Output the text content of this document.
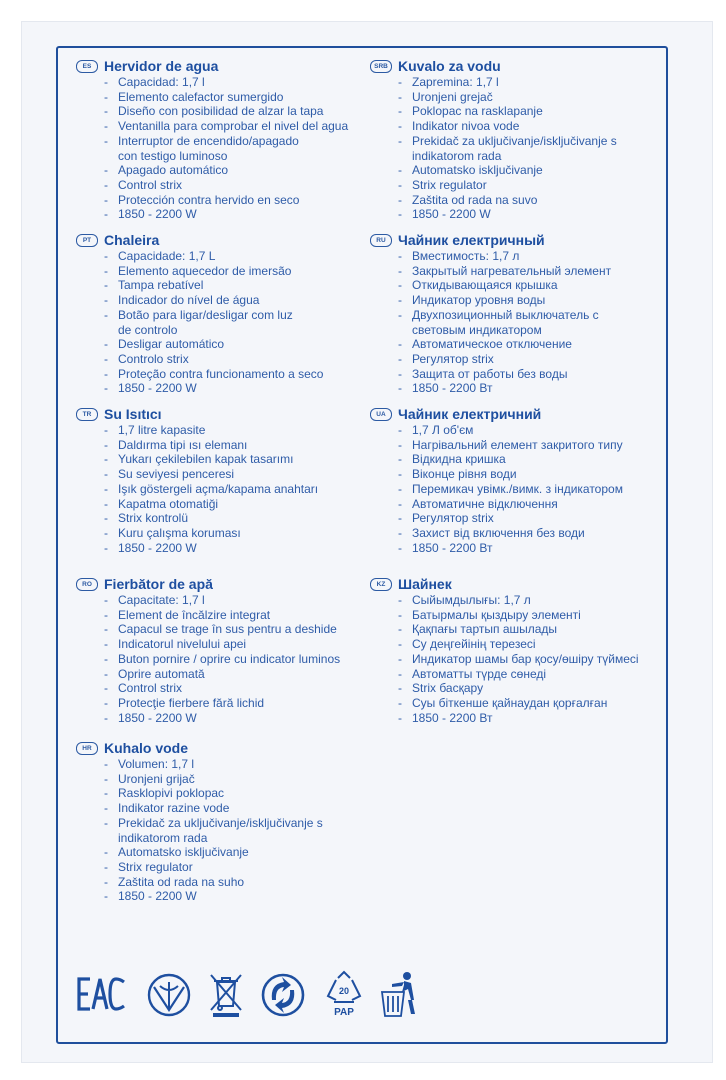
ES Hervidor de agua
- Capacidad: 1,7 l
- Elemento calefactor sumergido
- Diseño con posibilidad de alzar la tapa
- Ventanilla para comprobar el nivel del agua
- Interruptor de encendido/apagado
con testigo luminoso
- Apagado automático
- Control strix
- Protección contra hervido en seco
- 1850 - 2200 W
PT Chaleira
- Capacidade: 1,7 L
- Elemento aquecedor de imersão
- Tampa rebatível
- Indicador do nível de água
- Botão para ligar/desligar com luz
de controlo
- Desligar automático
- Controlo strix
- Proteção contra funcionamento a seco
- 1850 - 2200 W
TR Su Isıtıcı
- 1,7 litre kapasite
- Daldırma tipi ısı elemanı
- Yukarı çekilebilen kapak tasarımı
- Su seviyesi penceresi
- Işık göstergeli açma/kapama anahtarı
- Kapatma otomatiği
- Strix kontrolü
- Kuru çalışma koruması
- 1850 - 2200 W
RO Fierbător de apă
- Capacitate: 1,7 l
- Element de încălzire integrat
- Capacul se trage în sus pentru a deshide
- Indicatorul nivelului apei
- Buton pornire / oprire cu indicator luminos
- Oprire automată
- Control strix
- Protecţie fierbere fără lichid
- 1850 - 2200 W
HR Kuhalo vode
- Volumen: 1,7 l
- Uronjeni grijač
- Rasklopivi poklopac
- Indikator razine vode
- Prekidač za uključivanje/isključivanje s
indikatorom rada
- Automatsko isključivanje
- Strix regulator
- Zaštita od rada na suho
- 1850 - 2200 W
SRB Kuvalo za vodu
- Zapremina: 1,7 l
- Uronjeni grejač
- Poklopac na rasklapanje
- Indikator nivoa vode
- Prekidač za uključivanje/isključivanje s
indikatorom rada
- Automatsko isključivanje
- Strix regulator
- Zaštita od rada na suvo
- 1850 - 2200 W
RU Чайник електричный
- Вместимость: 1,7 л
- Закрытый нагревательный элемент
- Откидывающаяся крышка
- Индикатор уровня воды
- Двухпозиционный выключатель с
световым индикатором
- Автоматическое отключение
- Регулятор strix
- Защита от работы без воды
- 1850 - 2200 Вт
UA Чайник електричний
- 1,7 Л об'єм
- Нагрівальний елемент закритого типу
- Відкидна кришка
- Віконце рівня води
- Перемикач увімк./вимк. з індикатором
- Автоматичне відключення
- Регулятор strix
- Захист від включення без води
- 1850 - 2200 Вт
KZ Шайнек
- Сыйымдылығы: 1,7 л
- Батырмалы қыздыру элементі
- Қақпағы тартып ашылады
- Су деңгейінің терезесі
- Индикатор шамы бар қосу/өшіру түймесі
- Автоматты түрде сөнеді
- Strix басқару
- Суы біткенше қайнаудан қорғалған
- 1850 - 2200 Вт
EAC
20
PAP
